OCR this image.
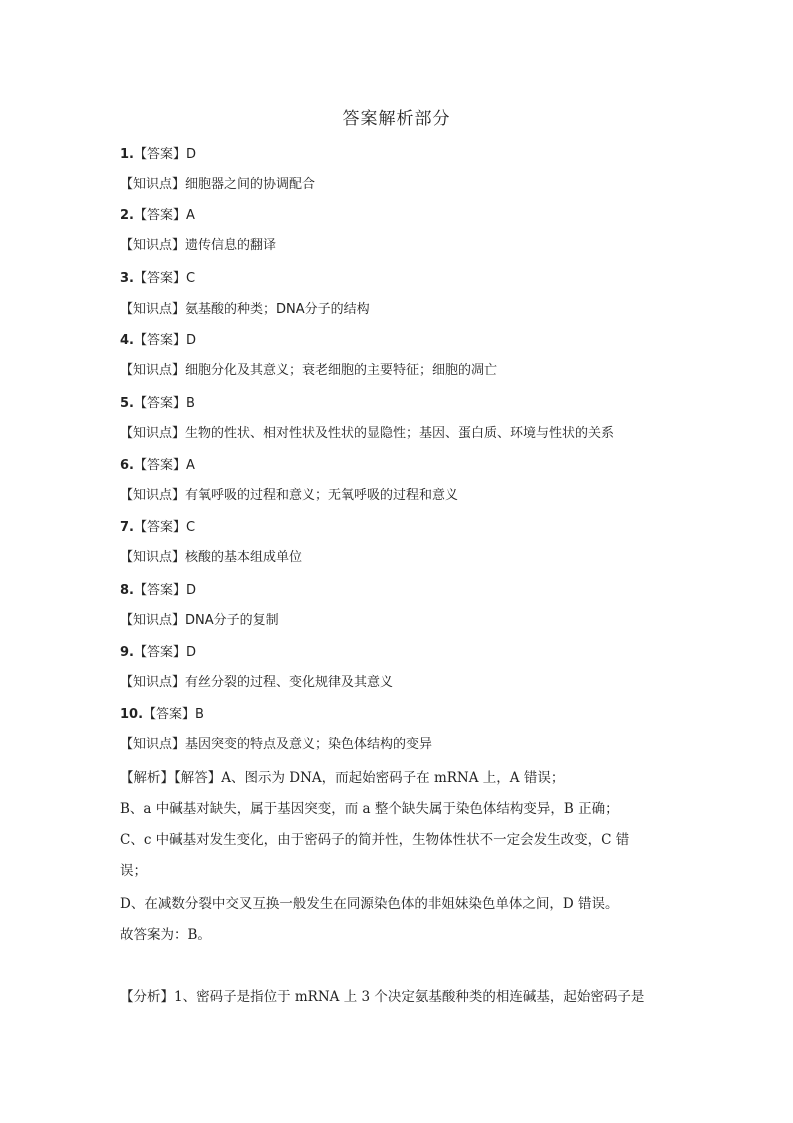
答案解析部分
1.【答案】D
【知识点】细胞器之间的协调配合
2.【答案】A
【知识点】遗传信息的翻译
3.【答案】C
【知识点】氨基酸的种类；DNA分子的结构
4.【答案】D
【知识点】细胞分化及其意义；衰老细胞的主要特征；细胞的凋亡
5.【答案】B
【知识点】生物的性状、相对性状及性状的显隐性；基因、蛋白质、环境与性状的关系
6.【答案】A
【知识点】有氧呼吸的过程和意义；无氧呼吸的过程和意义
7.【答案】C
【知识点】核酸的基本组成单位
8.【答案】D
【知识点】DNA分子的复制
9.【答案】D
【知识点】有丝分裂的过程、变化规律及其意义
10.【答案】B
【知识点】基因突变的特点及意义；染色体结构的变异
【解析】【解答】A、图示为 DNA，而起始密码子在 mRNA 上，A 错误；
B、a 中碱基对缺失，属于基因突变，而 a 整个缺失属于染色体结构变异，B 正确；
C、c 中碱基对发生变化，由于密码子的简并性，生物体性状不一定会发生改变，C 错
误；
D、在减数分裂中交叉互换一般发生在同源染色体的非姐妹染色单体之间，D 错误。
故答案为：B。
【分析】1、密码子是指位于 mRNA 上 3 个决定氨基酸种类的相连碱基，起始密码子是
